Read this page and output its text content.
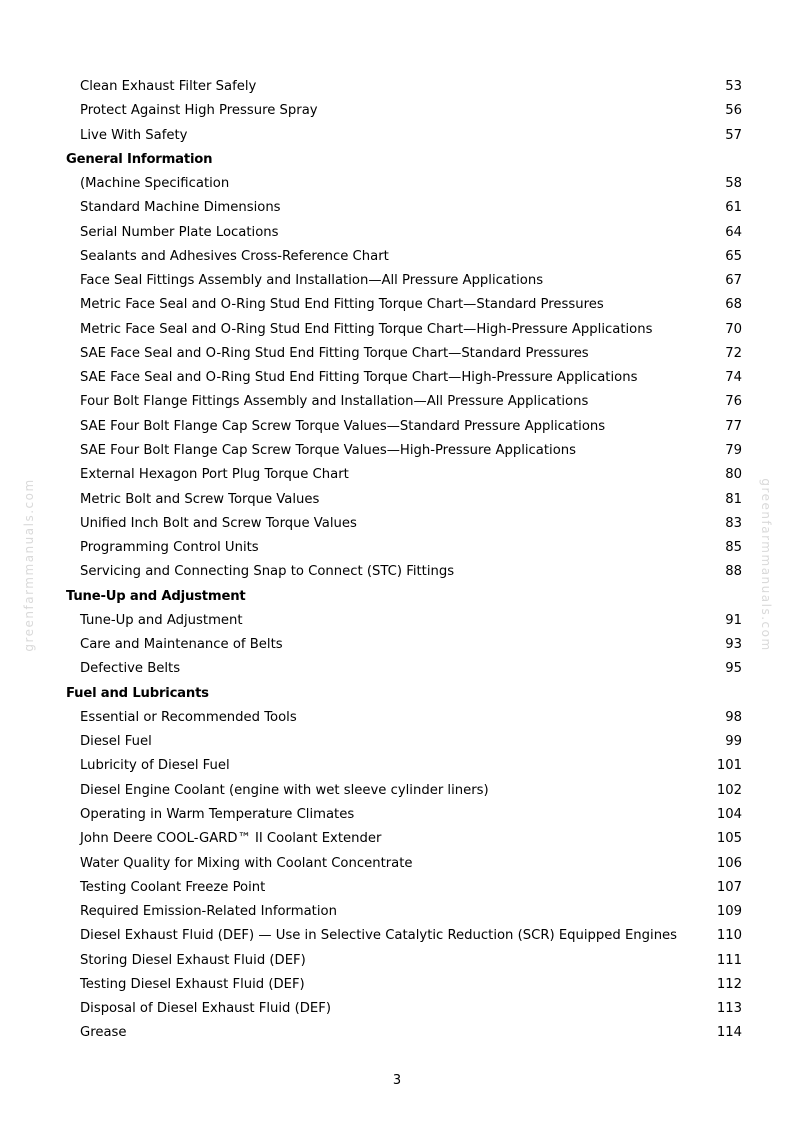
Clean Exhaust Filter Safely	53
Protect Against High Pressure Spray	56
Live With Safety	57
General Information
(Machine Specification	58
Standard Machine Dimensions	61
Serial Number Plate Locations	64
Sealants and Adhesives Cross-Reference Chart	65
Face Seal Fittings Assembly and Installation—All Pressure Applications	67
Metric Face Seal and O-Ring Stud End Fitting Torque Chart—Standard Pressures	68
Metric Face Seal and O-Ring Stud End Fitting Torque Chart—High-Pressure Applications	70
SAE Face Seal and O-Ring Stud End Fitting Torque Chart—Standard Pressures	72
SAE Face Seal and O-Ring Stud End Fitting Torque Chart—High-Pressure Applications	74
Four Bolt Flange Fittings Assembly and Installation—All Pressure Applications	76
SAE Four Bolt Flange Cap Screw Torque Values—Standard Pressure Applications	77
SAE Four Bolt Flange Cap Screw Torque Values—High-Pressure Applications	79
External Hexagon Port Plug Torque Chart	80
Metric Bolt and Screw Torque Values	81
Unified Inch Bolt and Screw Torque Values	83
Programming Control Units	85
Servicing and Connecting Snap to Connect (STC) Fittings	88
Tune-Up and Adjustment
Tune-Up and Adjustment	91
Care and Maintenance of Belts	93
Defective Belts	95
Fuel and Lubricants
Essential or Recommended Tools	98
Diesel Fuel	99
Lubricity of Diesel Fuel	101
Diesel Engine Coolant (engine with wet sleeve cylinder liners)	102
Operating in Warm Temperature Climates	104
John Deere COOL-GARD™ II Coolant Extender	105
Water Quality for Mixing with Coolant Concentrate	106
Testing Coolant Freeze Point	107
Required Emission-Related Information	109
Diesel Exhaust Fluid (DEF) — Use in Selective Catalytic Reduction (SCR) Equipped Engines	110
Storing Diesel Exhaust Fluid (DEF)	111
Testing Diesel Exhaust Fluid (DEF)	112
Disposal of Diesel Exhaust Fluid (DEF)	113
Grease	114
3
greenfarmmanuals.com	greenfarmmanuals.com
